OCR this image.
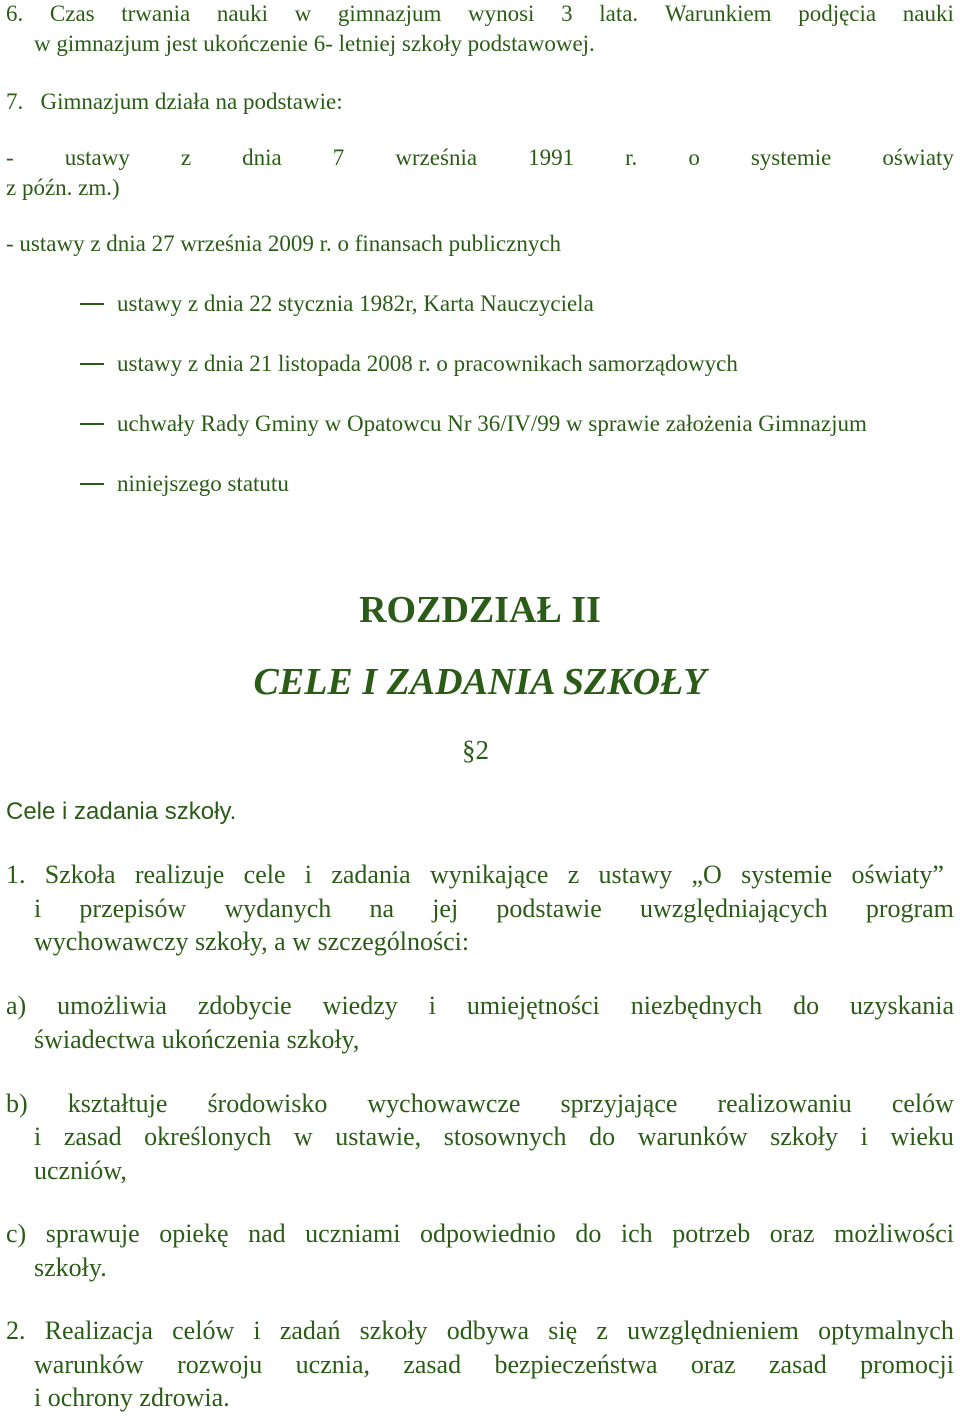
6. Czas trwania nauki w gimnazjum wynosi 3 lata. Warunkiem podjęcia nauki
w gimnazjum jest ukończenie 6- letniej szkoły podstawowej.
7.   Gimnazjum działa na podstawie:
- ustawy z dnia 7 września 1991 r. o systemie oświaty
z późn. zm.)
- ustawy z dnia 27 września 2009 r. o finansach publicznych
ustawy z dnia 22 stycznia 1982r, Karta Nauczyciela
ustawy z dnia 21 listopada 2008 r. o pracownikach samorządowych
uchwały Rady Gminy w Opatowcu Nr 36/IV/99 w sprawie założenia Gimnazjum
niniejszego statutu
ROZDZIAŁ II
CELE I ZADANIA SZKOŁY
§2
Cele i zadania szkoły.
1. Szkoła realizuje cele i zadania wynikające z ustawy „O systemie oświaty”
i przepisów wydanych na jej podstawie uwzględniających program
wychowawczy szkoły, a w szczególności:
a) umożliwia zdobycie wiedzy i umiejętności niezbędnych do uzyskania
świadectwa ukończenia szkoły,
b) kształtuje środowisko wychowawcze sprzyjające realizowaniu celów
i zasad określonych w ustawie, stosownych do warunków szkoły i wieku
uczniów,
c) sprawuje opiekę nad uczniami odpowiednio do ich potrzeb oraz możliwości
szkoły.
2. Realizacja celów i zadań szkoły odbywa się z uwzględnieniem optymalnych
warunków rozwoju ucznia, zasad bezpieczeństwa oraz zasad promocji
i ochrony zdrowia.
